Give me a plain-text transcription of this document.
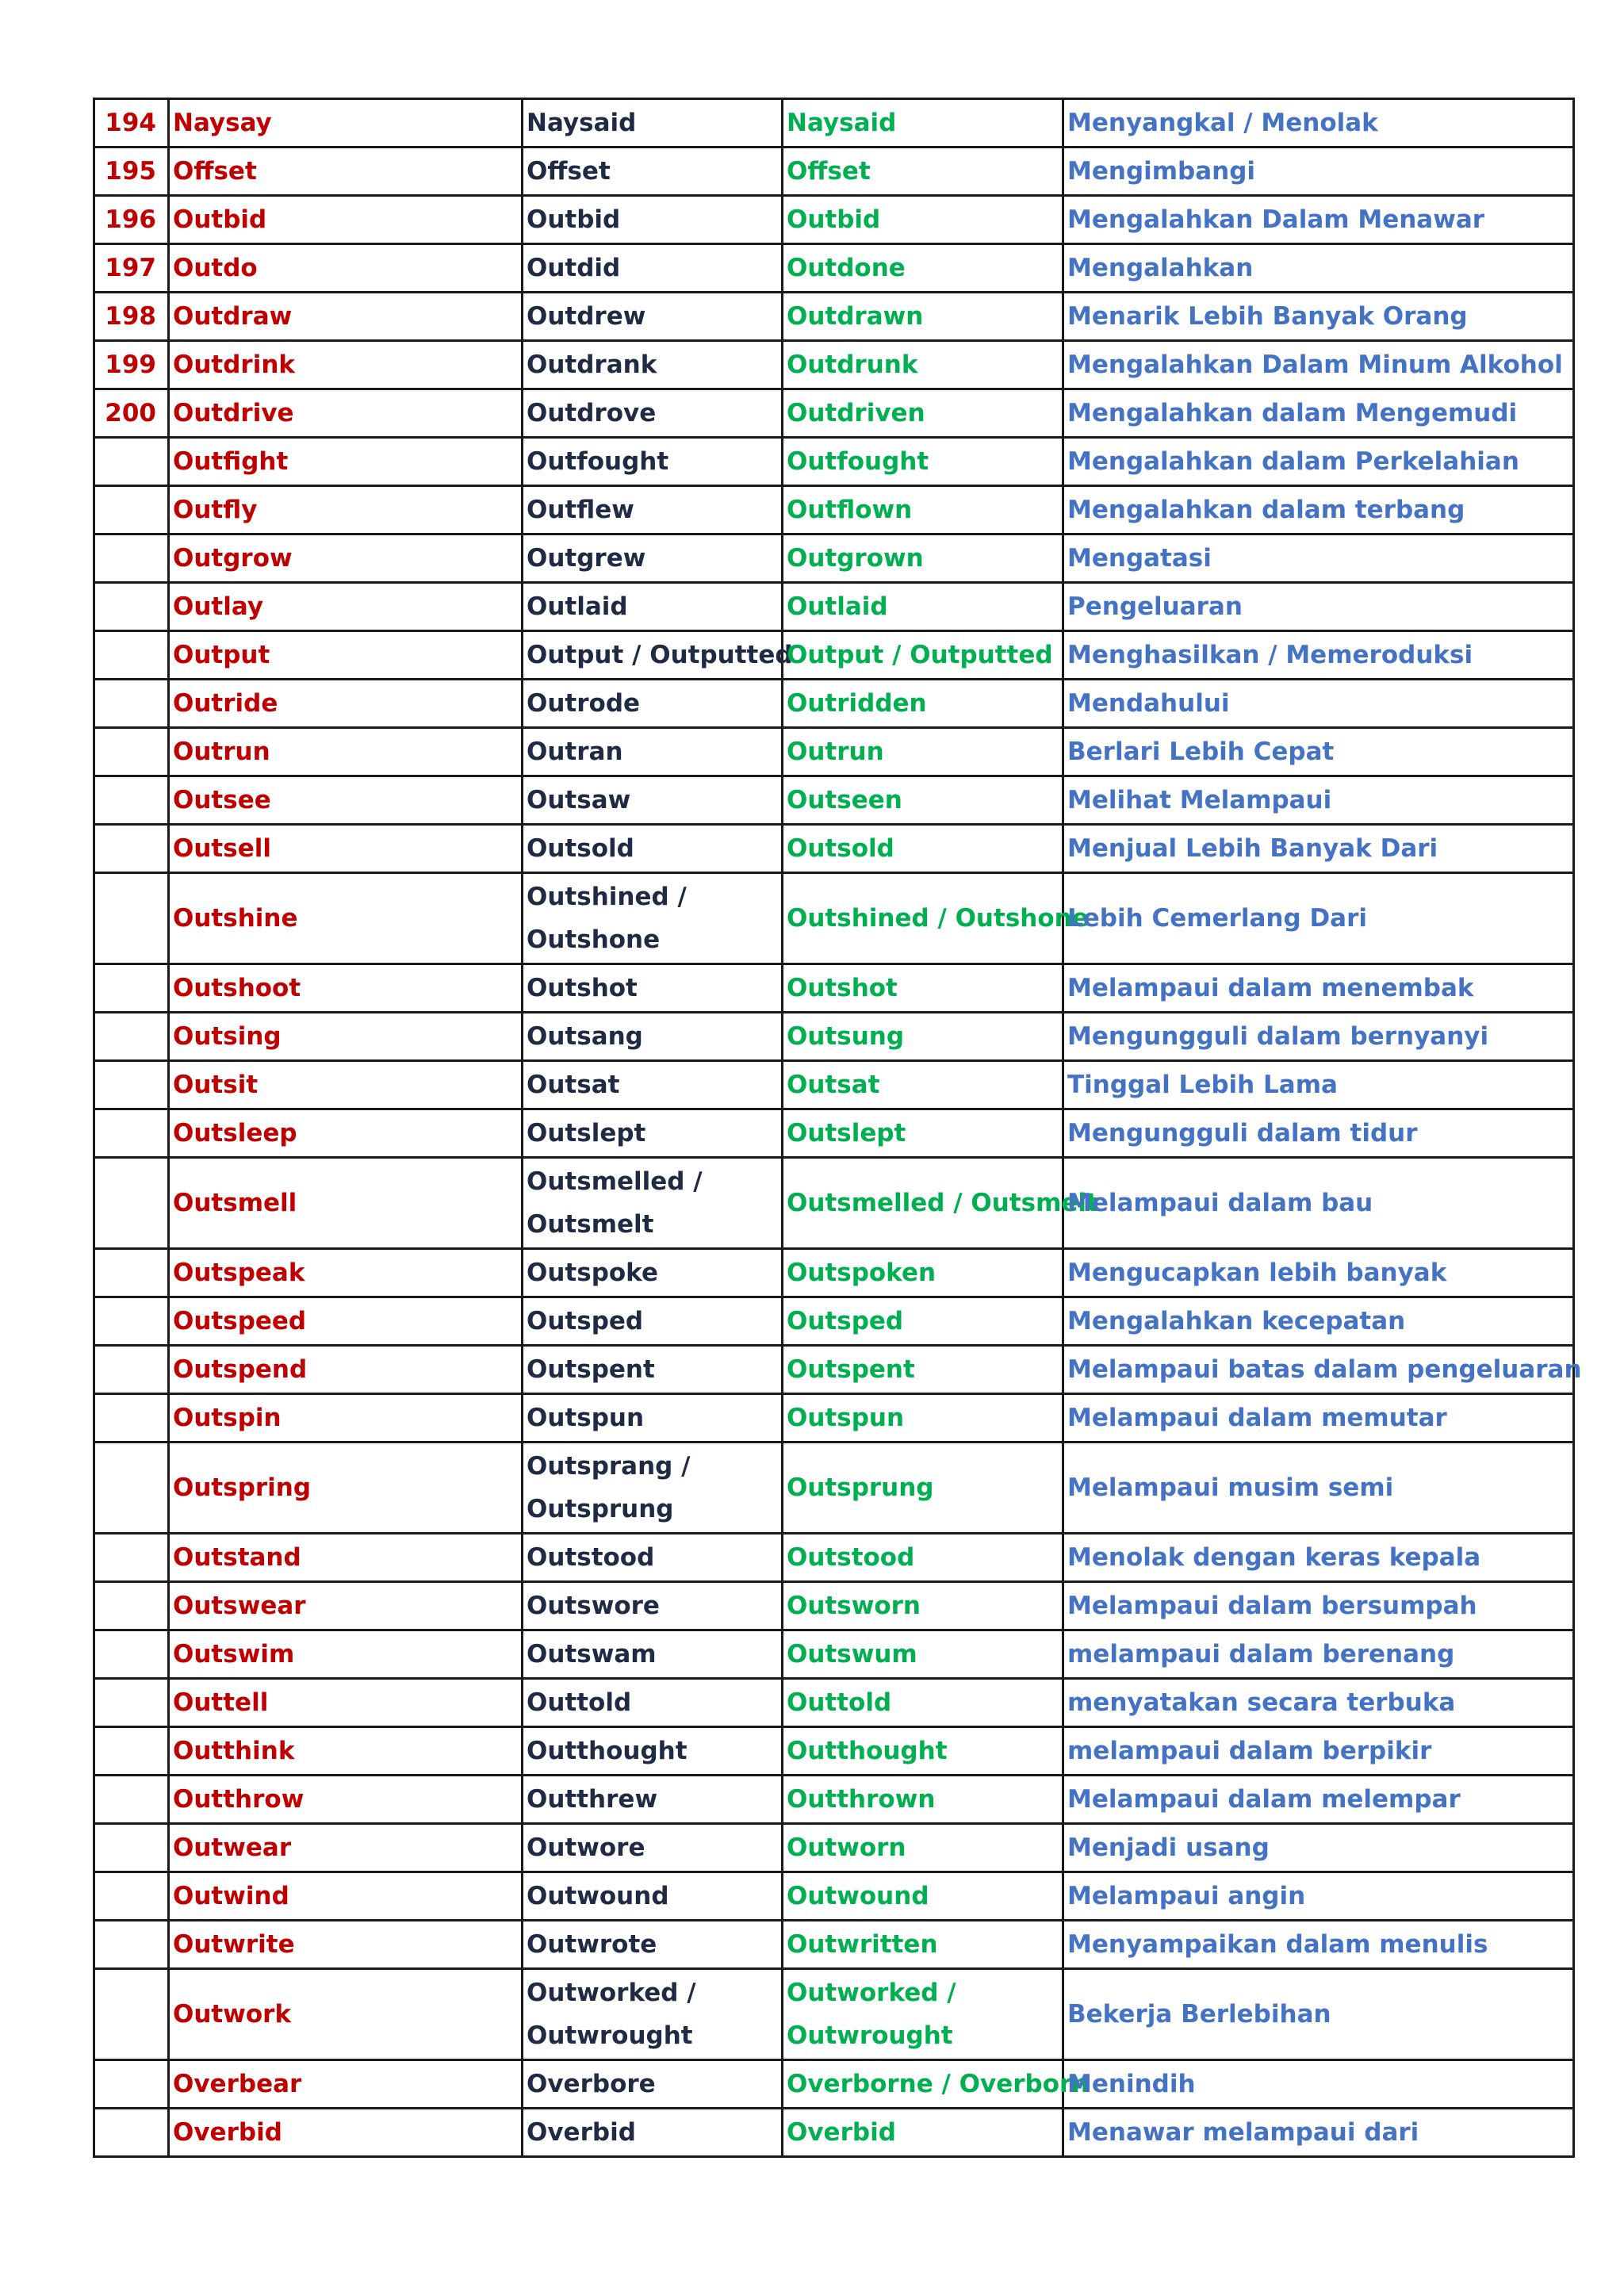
194	Naysay	Naysaid	Naysaid	Menyangkal / Menolak
195	Offset	Offset	Offset	Mengimbangi
196	Outbid	Outbid	Outbid	Mengalahkan Dalam Menawar
197	Outdo	Outdid	Outdone	Mengalahkan
198	Outdraw	Outdrew	Outdrawn	Menarik Lebih Banyak Orang
199	Outdrink	Outdrank	Outdrunk	Mengalahkan Dalam Minum Alkohol
200	Outdrive	Outdrove	Outdriven	Mengalahkan dalam Mengemudi
	Outfight	Outfought	Outfought	Mengalahkan dalam Perkelahian
	Outfly	Outflew	Outflown	Mengalahkan dalam terbang
	Outgrow	Outgrew	Outgrown	Mengatasi
	Outlay	Outlaid	Outlaid	Pengeluaran
	Output	Output / Outputted	Output / Outputted	Menghasilkan / Memeroduksi
	Outride	Outrode	Outridden	Mendahului
	Outrun	Outran	Outrun	Berlari Lebih Cepat
	Outsee	Outsaw	Outseen	Melihat Melampaui
	Outsell	Outsold	Outsold	Menjual Lebih Banyak Dari
	Outshine	Outshined / Outshone	Outshined / Outshone	Lebih Cemerlang Dari
	Outshoot	Outshot	Outshot	Melampaui dalam menembak
	Outsing	Outsang	Outsung	Mengungguli dalam bernyanyi
	Outsit	Outsat	Outsat	Tinggal Lebih Lama
	Outsleep	Outslept	Outslept	Mengungguli dalam tidur
	Outsmell	Outsmelled / Outsmelt	Outsmelled / Outsmelt	Melampaui dalam bau
	Outspeak	Outspoke	Outspoken	Mengucapkan lebih banyak
	Outspeed	Outsped	Outsped	Mengalahkan kecepatan
	Outspend	Outspent	Outspent	Melampaui batas dalam pengeluaran
	Outspin	Outspun	Outspun	Melampaui dalam memutar
	Outspring	Outsprang / Outsprung	Outsprung	Melampaui musim semi
	Outstand	Outstood	Outstood	Menolak dengan keras kepala
	Outswear	Outswore	Outsworn	Melampaui dalam bersumpah
	Outswim	Outswam	Outswum	melampaui dalam berenang
	Outtell	Outtold	Outtold	menyatakan secara terbuka
	Outthink	Outthought	Outthought	melampaui dalam berpikir
	Outthrow	Outthrew	Outthrown	Melampaui dalam melempar
	Outwear	Outwore	Outworn	Menjadi usang
	Outwind	Outwound	Outwound	Melampaui angin
	Outwrite	Outwrote	Outwritten	Menyampaikan dalam menulis
	Outwork	Outworked / Outwrought	Outworked / Outwrought	Bekerja Berlebihan
	Overbear	Overbore	Overborne / Overborn	Menindih
	Overbid	Overbid	Overbid	Menawar melampaui dari
